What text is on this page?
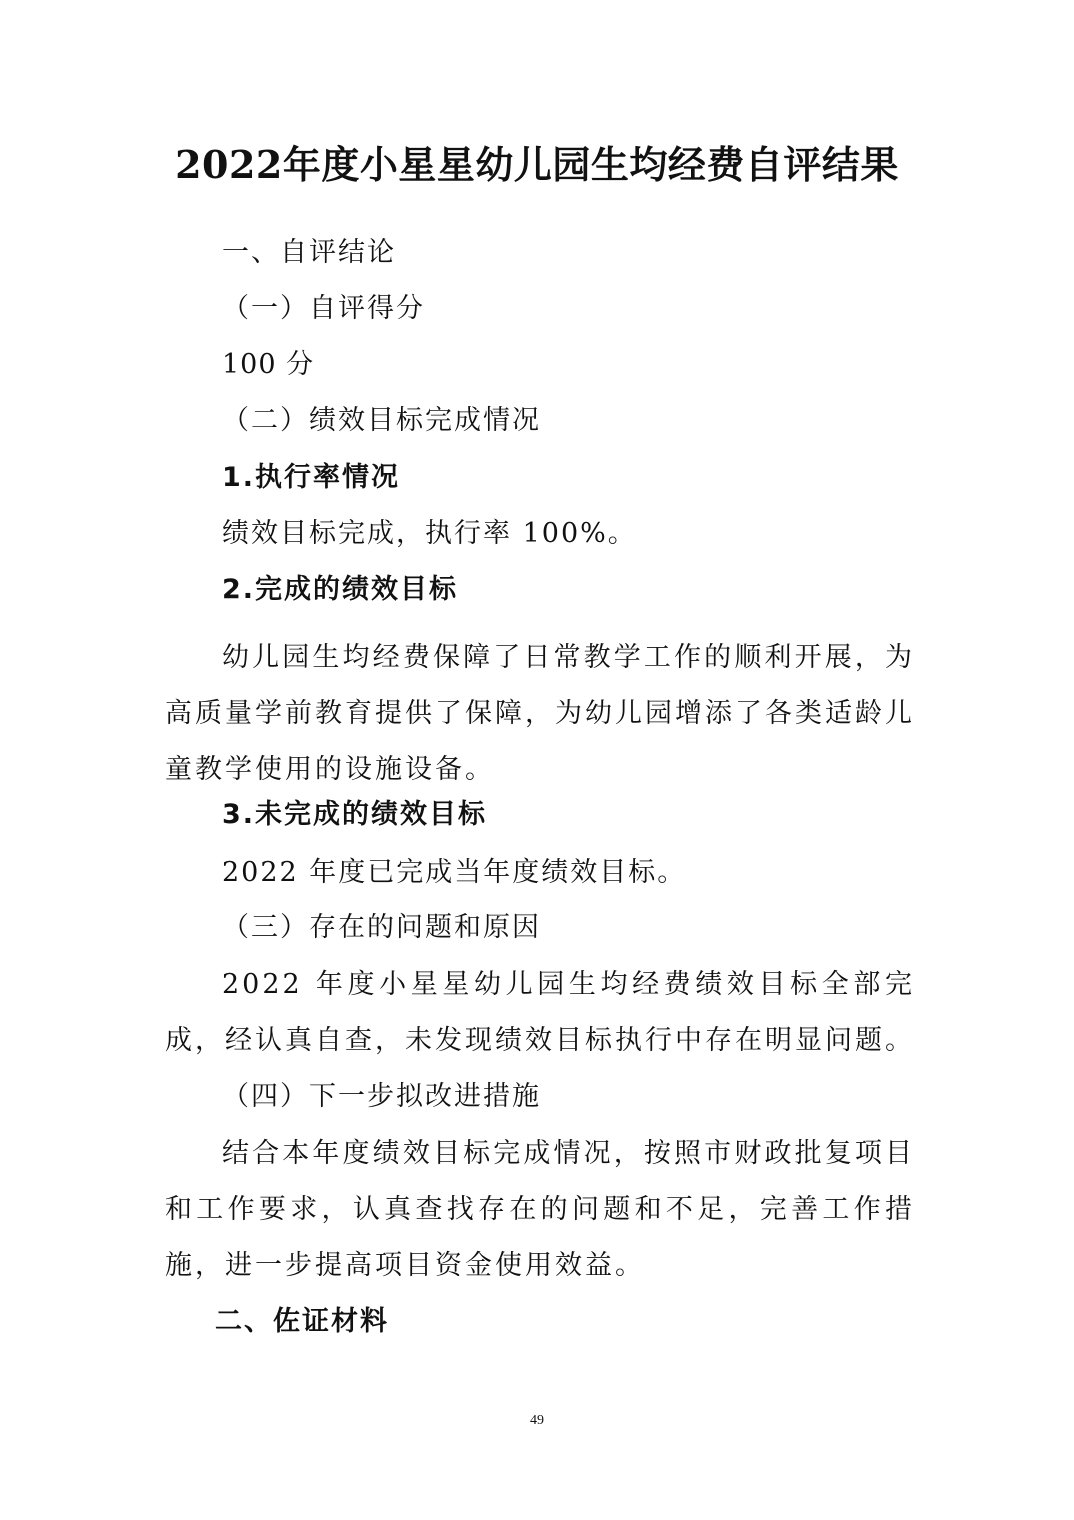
2022年度小星星幼儿园生均经费自评结果
一、自评结论
（一）自评得分
100 分
（二）绩效目标完成情况
1.执行率情况
绩效目标完成，执行率 100%。
2.完成的绩效目标
幼儿园生均经费保障了日常教学工作的顺利开展，为高质量学前教育提供了保障，为幼儿园增添了各类适龄儿童教学使用的设施设备。
3.未完成的绩效目标
2022 年度已完成当年度绩效目标。
（三）存在的问题和原因
2022 年度小星星幼儿园生均经费绩效目标全部完成，经认真自查，未发现绩效目标执行中存在明显问题。
（四）下一步拟改进措施
结合本年度绩效目标完成情况，按照市财政批复项目和工作要求，认真查找存在的问题和不足，完善工作措施，进一步提高项目资金使用效益。
二、佐证材料
49
